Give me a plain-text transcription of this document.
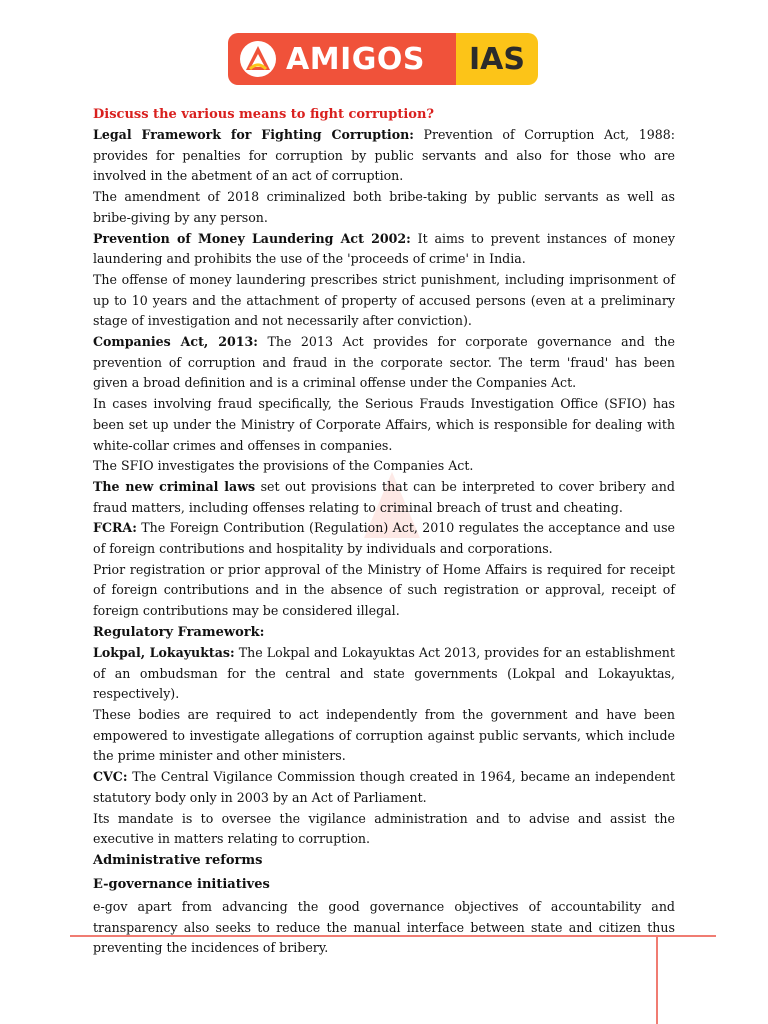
AMIGOS	IAS
Discuss the various means to fight corruption?
Legal Framework for Fighting Corruption: Prevention of Corruption Act, 1988: provides for penalties for corruption by public servants and also for those who are involved in the abetment of an act of corruption.
The amendment of 2018 criminalized both bribe-taking by public servants as well as bribe-giving by any person.
Prevention of Money Laundering Act 2002: It aims to prevent instances of money laundering and prohibits the use of the 'proceeds of crime' in India.
The offense of money laundering prescribes strict punishment, including imprisonment of up to 10 years and the attachment of property of accused persons (even at a preliminary stage of investigation and not necessarily after conviction).
Companies Act, 2013: The 2013 Act provides for corporate governance and the prevention of corruption and fraud in the corporate sector. The term 'fraud' has been given a broad definition and is a criminal offense under the Companies Act.
In cases involving fraud specifically, the Serious Frauds Investigation Office (SFIO) has been set up under the Ministry of Corporate Affairs, which is responsible for dealing with white-collar crimes and offenses in companies.
The SFIO investigates the provisions of the Companies Act.
The new criminal laws set out provisions that can be interpreted to cover bribery and fraud matters, including offenses relating to criminal breach of trust and cheating.
FCRA: The Foreign Contribution (Regulation) Act, 2010 regulates the acceptance and use of foreign contributions and hospitality by individuals and corporations.
Prior registration or prior approval of the Ministry of Home Affairs is required for receipt of foreign contributions and in the absence of such registration or approval, receipt of foreign contributions may be considered illegal.
Regulatory Framework:
Lokpal, Lokayuktas: The Lokpal and Lokayuktas Act 2013, provides for an establishment of an ombudsman for the central and state governments (Lokpal and Lokayuktas, respectively).
These bodies are required to act independently from the government and have been empowered to investigate allegations of corruption against public servants, which include the prime minister and other ministers.
CVC: The Central Vigilance Commission though created in 1964, became an independent statutory body only in 2003 by an Act of Parliament.
Its mandate is to oversee the vigilance administration and to advise and assist the executive in matters relating to corruption.
Administrative reforms
E-governance initiatives
e-gov apart from advancing the good governance objectives of accountability and transparency also seeks to reduce the manual interface between state and citizen thus preventing the incidences of bribery.
